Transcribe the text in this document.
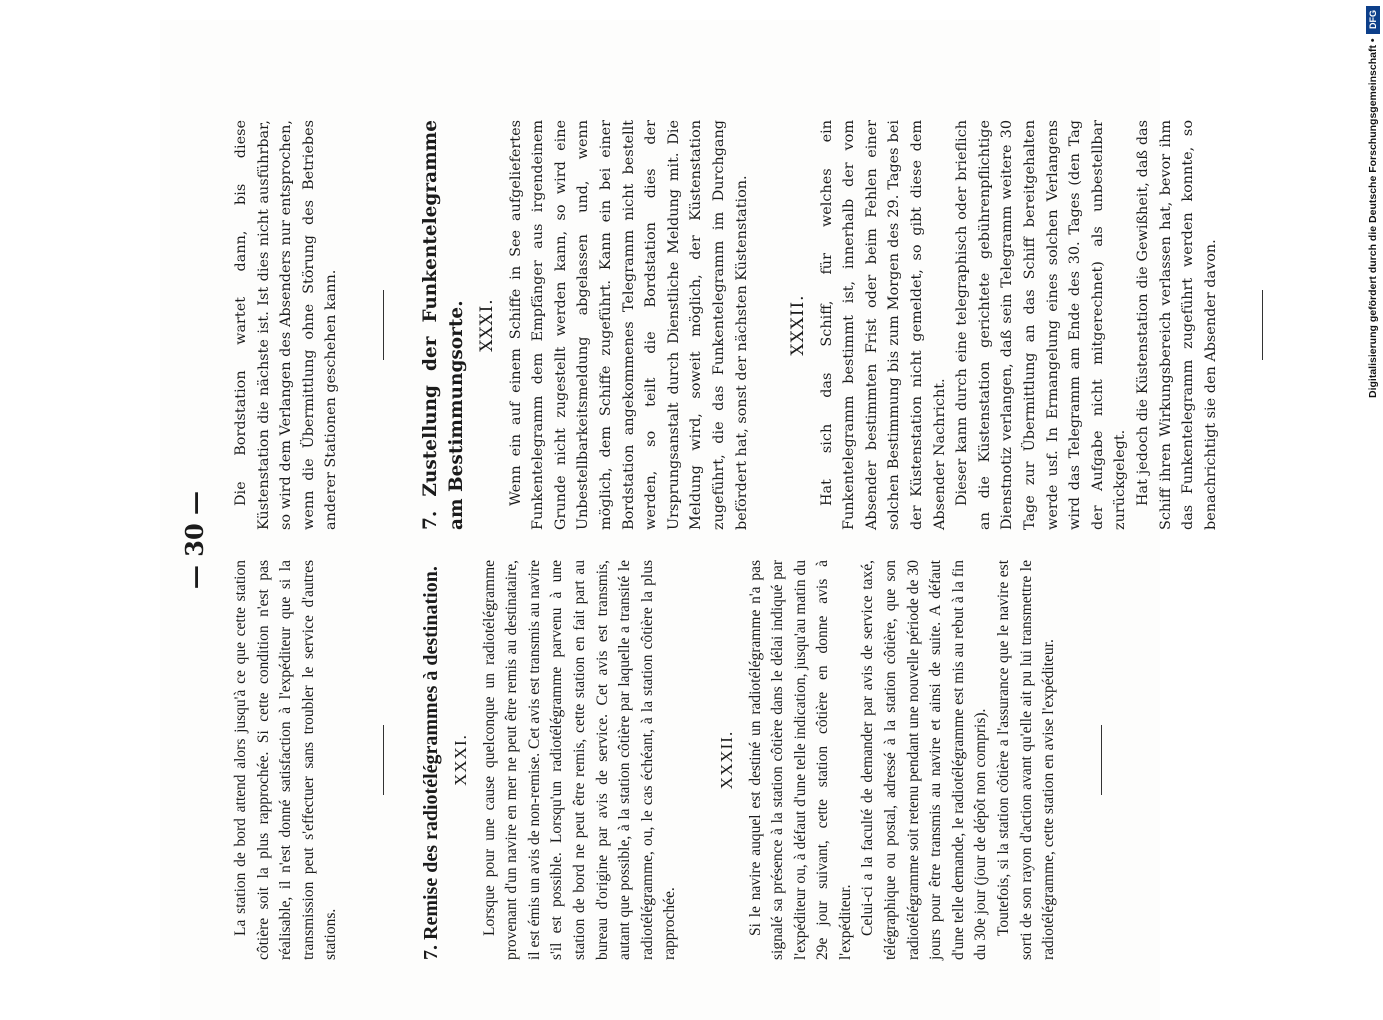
— 30 —

La station de bord attend alors jusqu'à ce que cette station côtière soit la plus rapprochée. Si cette condition n'est pas réalisable, il n'est donné satisfaction à l'expéditeur que si la transmission peut s'effectuer sans troubler le service d'autres stations.	7. Remise des radiotélégrammes à destination. XXXI. Lorsque pour une cause quelconque un radiotélégramme provenant d'un navire en mer ne peut être remis au destinataire, il est émis un avis de non-remise. Cet avis est transmis au navire s'il est possible. Lorsqu'un radiotélégramme parvenu à une station de bord ne peut être remis, cette station en fait part au bureau d'origine par avis de service. Cet avis est transmis, autant que possible, à la station côtière par laquelle a transité le radiotélégramme, ou, le cas échéant, à la station côtière la plus rapprochée.

XXXII. Si le navire auquel est destiné un radiotélégramme n'a pas signalé sa présence à la station côtière dans le délai indiqué par l'expéditeur ou, à défaut d'une telle indication, jusqu'au matin du 29e jour suivant, cette station côtière en donne avis à l'expéditeur. Celui-ci a la faculté de demander par avis de service taxé, télégraphique ou postal, adressé à la station côtière, que son radiotélégramme soit retenu pendant une nouvelle période de 30 jours pour être transmis au navire et ainsi de suite. A défaut d'une telle demande, le radiotélégramme est mis au rebut à la fin du 30e jour (jour de dépôt non compris). Toutefois, si la station côtière a l'assurance que le navire est sorti de son rayon d'action avant qu'elle ait pu lui transmettre le radiotélégramme, cette station en avise l'expéditeur.

Die Bordstation wartet dann, bis diese Küstenstation die nächste ist. Ist dies nicht ausführbar, so wird dem Verlangen des Absenders nur entsprochen, wenn die Übermittlung ohne Störung des Betriebes anderer Stationen geschehen kann.	7. Zustellung der Funkentelegramme am Bestimmungsorte. XXXI. Wenn ein auf einem Schiffe in See aufgeliefertes Funkentelegramm dem Empfänger aus irgendeinem Grunde nicht zugestellt werden kann, so wird eine Unbestellbarkeitsmeldung abgelassen und, wenn möglich, dem Schiffe zugeführt. Kann ein bei einer Bordstation angekommenes Telegramm nicht bestellt werden, so teilt die Bordstation dies der Ursprungsanstalt durch Dienstliche Meldung mit. Die Meldung wird, soweit möglich, der Küstenstation zugeführt, die das Funkentelegramm im Durchgang befördert hat, sonst der nächsten Küstenstation. XXXII. Hat sich das Schiff, für welches ein Funkentelegramm bestimmt ist, innerhalb der vom Absender bestimmten Frist oder beim Fehlen einer solchen Bestimmung bis zum Morgen des 29. Tages bei der Küstenstation nicht gemeldet, so gibt diese dem Absender Nachricht. Dieser kann durch eine telegraphisch oder brieflich an die Küstenstation gerichtete gebührenpflichtige Dienstnotiz verlangen, daß sein Telegramm weitere 30 Tage zur Übermittlung an das Schiff bereitgehalten werde usf. In Ermangelung eines solchen Verlangens wird das Telegramm am Ende des 30. Tages (den Tag der Aufgabe nicht mitgerechnet) als unbestellbar zurückgelegt. Hat jedoch die Küstenstation die Gewißheit, daß das Schiff ihren Wirkungsbereich verlassen hat, bevor ihm das Funkentelegramm zugeführt werden konnte, so benachrichtigt sie den Absender davon.

DFG
Digitalisierung gefördert durch die Deutsche Forschungsgemeinschaft •
